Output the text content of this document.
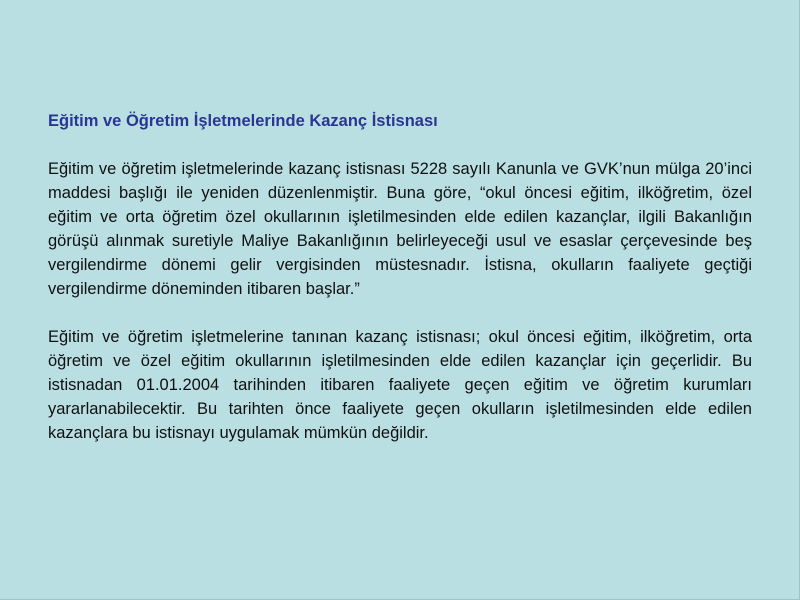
Eğitim ve Öğretim İşletmelerinde Kazanç İstisnası

Eğitim ve öğretim işletmelerinde kazanç istisnası 5228 sayılı Kanunla ve GVK’nun mülga 20’inci maddesi başlığı ile yeniden düzenlenmiştir. Buna göre, “okul öncesi eğitim, ilköğretim, özel eğitim ve orta öğretim özel okullarının işletilmesinden elde edilen kazançlar, ilgili Bakanlığın görüşü alınmak suretiyle Maliye Bakanlığının belirleyeceği usul ve esaslar çerçevesinde beş vergilendirme dönemi gelir vergisinden müstesnadır. İstisna, okulların faaliyete geçtiği vergilendirme döneminden itibaren başlar.”

Eğitim ve öğretim işletmelerine tanınan kazanç istisnası; okul öncesi eğitim, ilköğretim, orta öğretim ve özel eğitim okullarının işletilmesinden elde edilen kazançlar için geçerlidir. Bu istisnadan 01.01.2004 tarihinden itibaren faaliyete geçen eğitim ve öğretim kurumları yararlanabilecektir. Bu tarihten önce faaliyete geçen okulların işletilmesinden elde edilen kazançlara bu istisnayı uygulamak mümkün değildir.
